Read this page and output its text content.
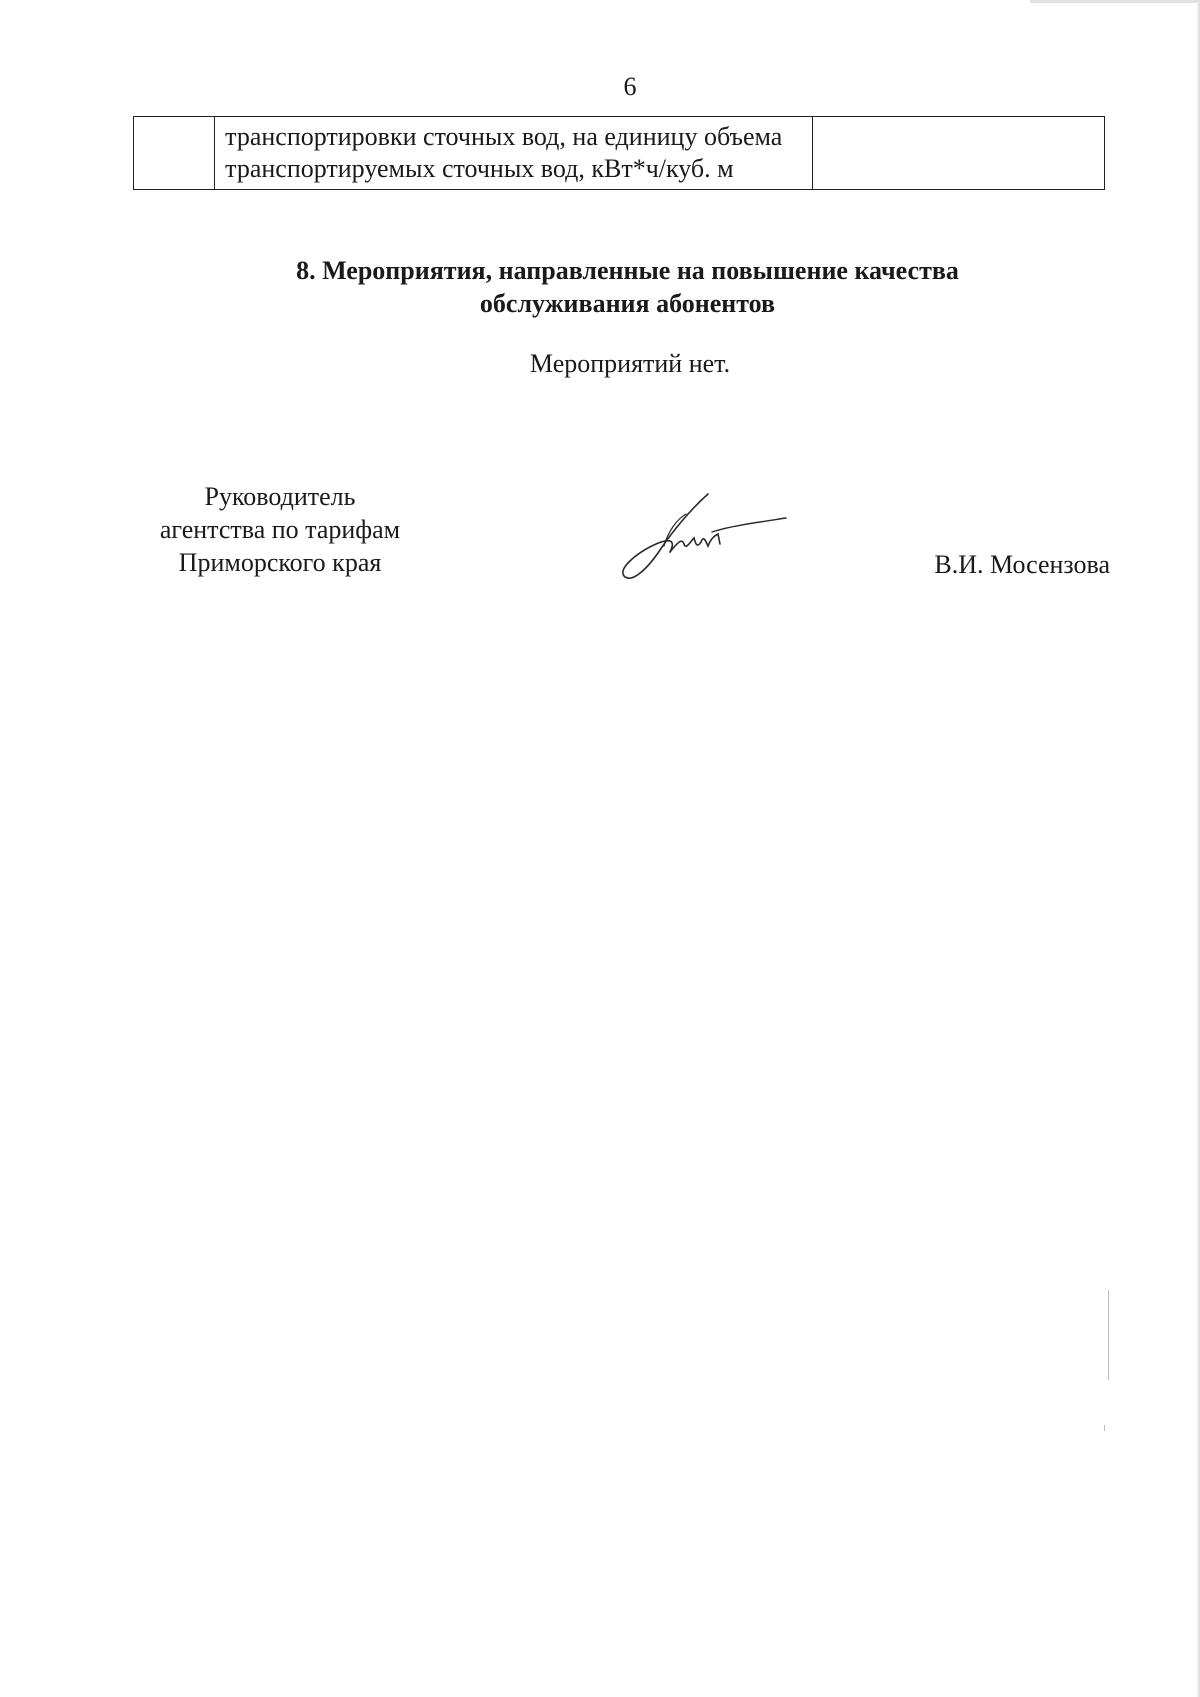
6
	транспортировки сточных вод, на единицу объема транспортируемых сточных вод, кВт*ч/куб. м	
8. Мероприятия, направленные на повышение качества
обслуживания абонентов
Мероприятий нет.
Руководитель
агентства по тарифам
Приморского края	В.И. Мосензова
